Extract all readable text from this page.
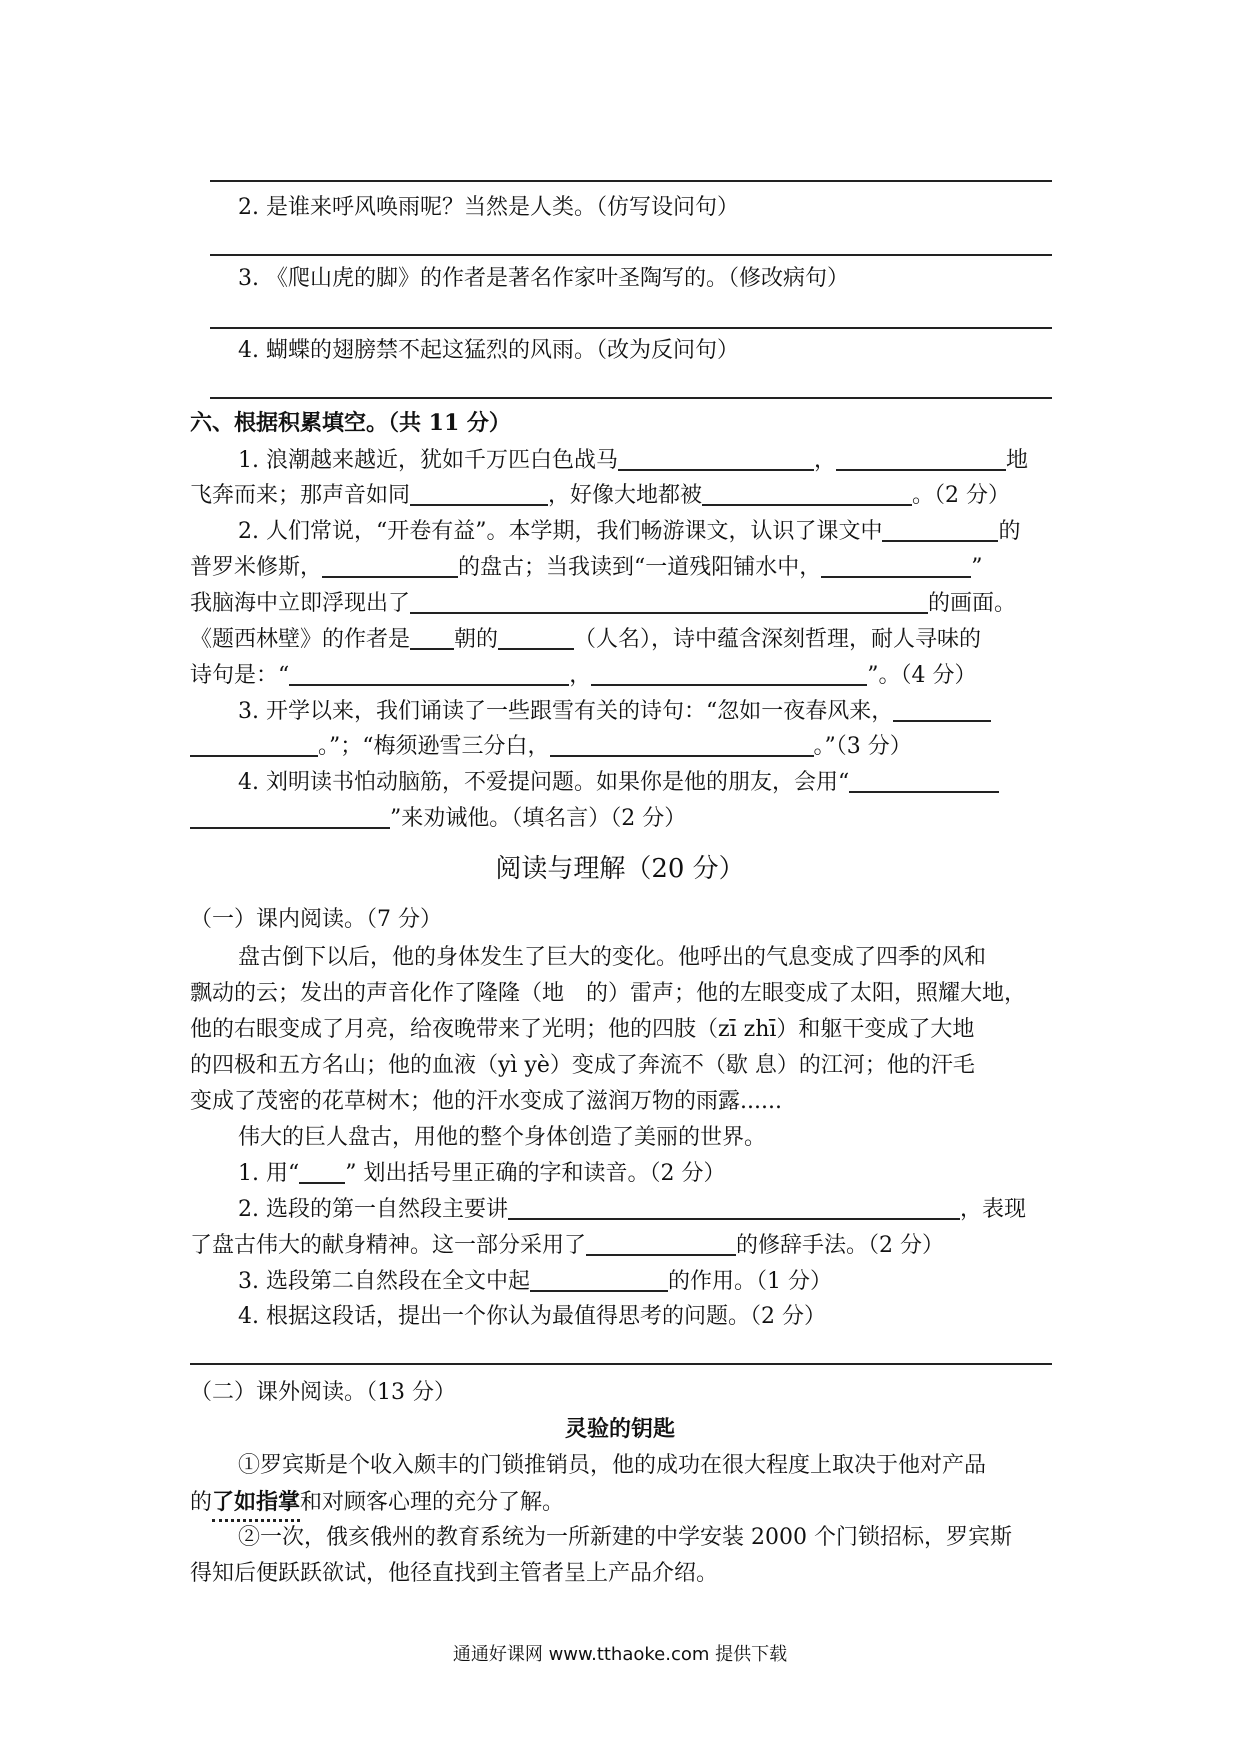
2. 是谁来呼风唤雨呢？当然是人类。（仿写设问句）
3. 《爬山虎的脚》的作者是著名作家叶圣陶写的。（修改病句）
4. 蝴蝶的翅膀禁不起这猛烈的风雨。（改为反问句）
六、根据积累填空。（共 11 分）
1. 浪潮越来越近，犹如千万匹白色战马	，	地
飞奔而来；那声音如同	，好像大地都被	。（2 分）
2. 人们常说，“开卷有益”。本学期，我们畅游课文，认识了课文中	的
普罗米修斯，	的盘古；当我读到“一道残阳铺水中，	”
我脑海中立即浮现出了	的画面。
《题西林壁》的作者是 朝的	（人名），诗中蕴含深刻哲理，耐人寻味的
诗句是：“	，	”。（4 分）
3. 开学以来，我们诵读了一些跟雪有关的诗句：“忽如一夜春风来，
。”；“梅须逊雪三分白，	。”（3 分）
4. 刘明读书怕动脑筋，不爱提问题。如果你是他的朋友，会用“
”来劝诫他。（填名言）（2 分）
阅读与理解（20 分）
（一）课内阅读。（7 分）
盘古倒下以后，他的身体发生了巨大的变化。他呼出的气息变成了四季的风和
飘动的云；发出的声音化作了隆隆（地　的）雷声；他的左眼变成了太阳，照耀大地，
他的右眼变成了月亮，给夜晚带来了光明；他的四肢（zī zhī）和躯干变成了大地
的四极和五方名山；他的血液（yì yè）变成了奔流不（歇 息）的江河；他的汗毛
变成了茂密的花草树木；他的汗水变成了滋润万物的雨露......
伟大的巨人盘古，用他的整个身体创造了美丽的世界。
1. 用“ ” 划出括号里正确的字和读音。（2 分）
2. 选段的第一自然段主要讲	，表现
了盘古伟大的献身精神。这一部分采用了	的修辞手法。（2 分）
3. 选段第二自然段在全文中起	的作用。（1 分）
4. 根据这段话，提出一个你认为最值得思考的问题。（2 分）
（二）课外阅读。（13 分）
灵验的钥匙
①罗宾斯是个收入颇丰的门锁推销员，他的成功在很大程度上取决于他对产品
的了如指掌和对顾客心理的充分了解。
②一次，俄亥俄州的教育系统为一所新建的中学安装 2000 个门锁招标，罗宾斯
得知后便跃跃欲试，他径直找到主管者呈上产品介绍。
通通好课网 www.tthaoke.com 提供下载
